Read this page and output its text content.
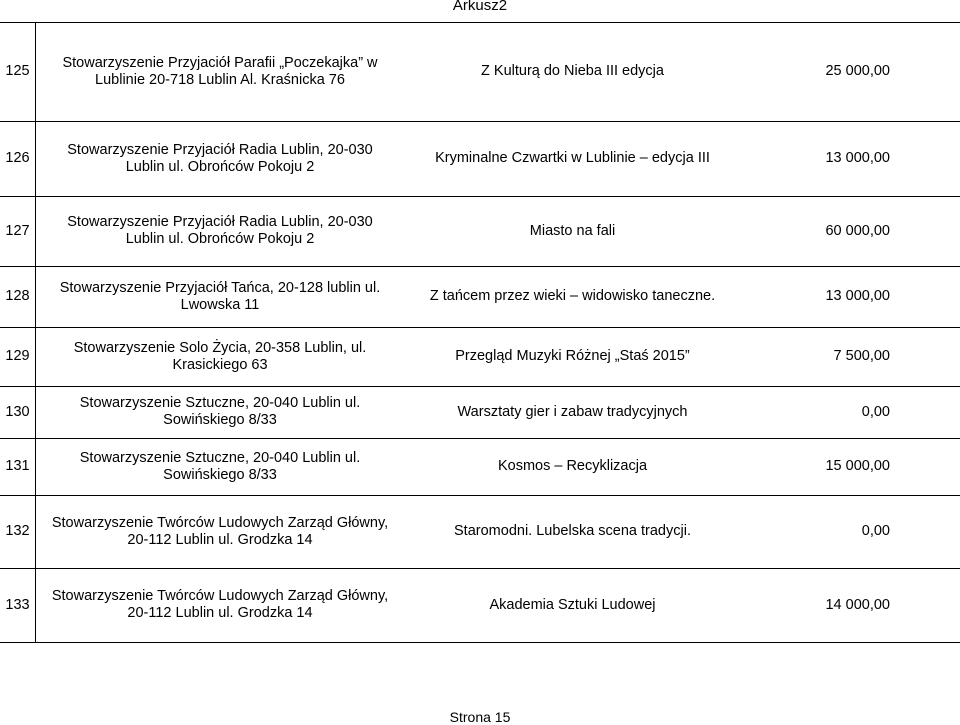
Arkusz2
125
Stowarzyszenie Przyjaciół Parafii „Poczekajka” w
Lublinie 20-718 Lublin Al. Kraśnicka 76
Z Kulturą do Nieba III edycja	25 000,00
126
Stowarzyszenie Przyjaciół Radia Lublin, 20-030
Lublin ul. Obrońców Pokoju 2
Kryminalne Czwartki w Lublinie – edycja III	13 000,00
127
Stowarzyszenie Przyjaciół Radia Lublin, 20-030
Lublin ul. Obrońców Pokoju 2
Miasto na fali	60 000,00
128
Stowarzyszenie Przyjaciół Tańca, 20-128 lublin ul.
Lwowska 11
Z tańcem przez wieki – widowisko taneczne.	13 000,00
129
Stowarzyszenie Solo Życia, 20-358 Lublin, ul.
Krasickiego 63
Przegląd Muzyki Różnej „Staś 2015”	7 500,00
130
Stowarzyszenie Sztuczne, 20-040 Lublin ul.
Sowińskiego 8/33
Warsztaty gier i zabaw tradycyjnych	0,00
131
Stowarzyszenie Sztuczne, 20-040 Lublin ul.
Sowińskiego 8/33
Kosmos – Recyklizacja	15 000,00
132
Stowarzyszenie Twórców Ludowych Zarząd Główny,
20-112 Lublin ul. Grodzka 14
Staromodni. Lubelska scena tradycji.	0,00
133
Stowarzyszenie Twórców Ludowych Zarząd Główny,
20-112 Lublin ul. Grodzka 14
Akademia Sztuki Ludowej	14 000,00
Strona 15
